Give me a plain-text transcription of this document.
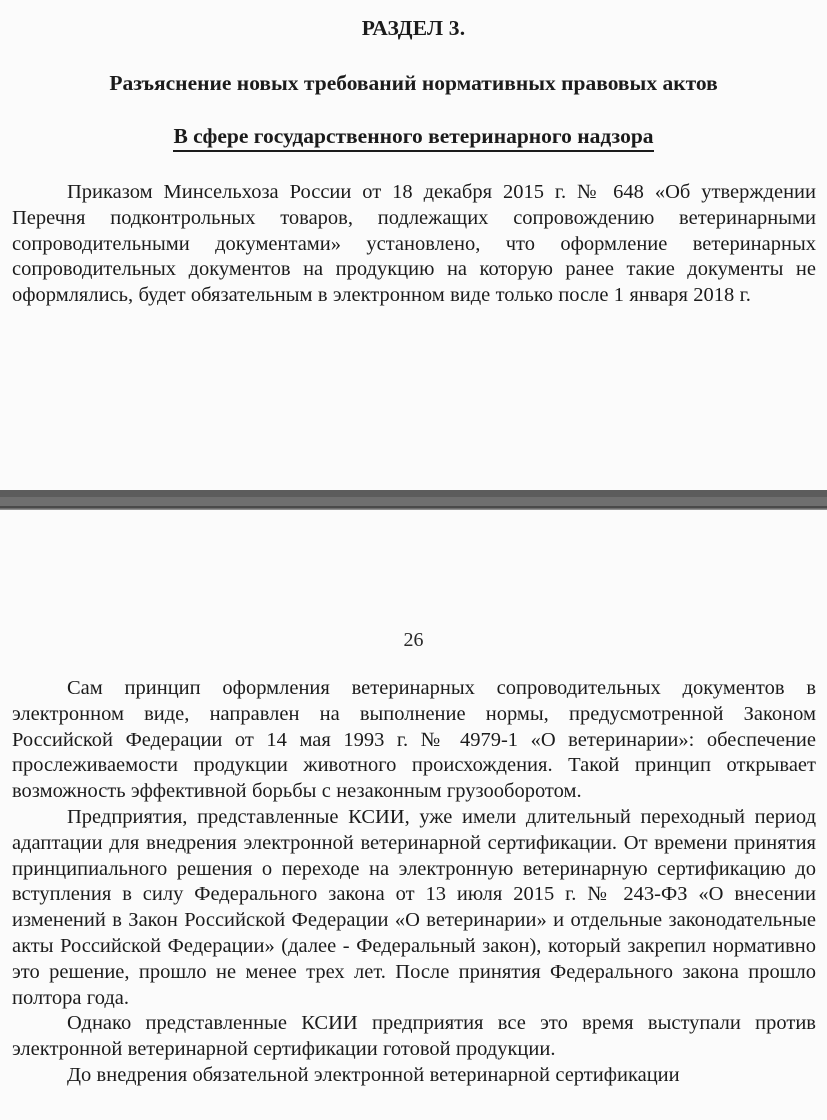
РАЗДЕЛ 3.
Разъяснение новых требований нормативных правовых актов
В сфере государственного ветеринарного надзора

Приказом Минсельхоза России от 18 декабря 2015 г. № 648 «Об утверждении Перечня подконтрольных товаров, подлежащих сопровождению ветеринарными сопроводительными документами» установлено, что оформление ветеринарных сопроводительных документов на продукцию на которую ранее такие документы не оформлялись, будет обязательным в электронном виде только после 1 января 2018 г.

26

Сам принцип оформления ветеринарных сопроводительных документов в электронном виде, направлен на выполнение нормы, предусмотренной Законом Российской Федерации от 14 мая 1993 г. № 4979-1 «О ветеринарии»: обеспечение прослеживаемости продукции животного происхождения. Такой принцип открывает возможность эффективной борьбы с незаконным грузооборотом.

Предприятия, представленные КСИИ, уже имели длительный переходный период адаптации для внедрения электронной ветеринарной сертификации. От времени принятия принципиального решения о переходе на электронную ветеринарную сертификацию до вступления в силу Федерального закона от 13 июля 2015 г. № 243-ФЗ «О внесении изменений в Закон Российской Федерации «О ветеринарии» и отдельные законодательные акты Российской Федерации» (далее - Федеральный закон), который закрепил нормативно это решение, прошло не менее трех лет. После принятия Федерального закона прошло полтора года.

Однако представленные КСИИ предприятия все это время выступали против электронной ветеринарной сертификации готовой продукции.

До внедрения обязательной электронной ветеринарной сертификации
